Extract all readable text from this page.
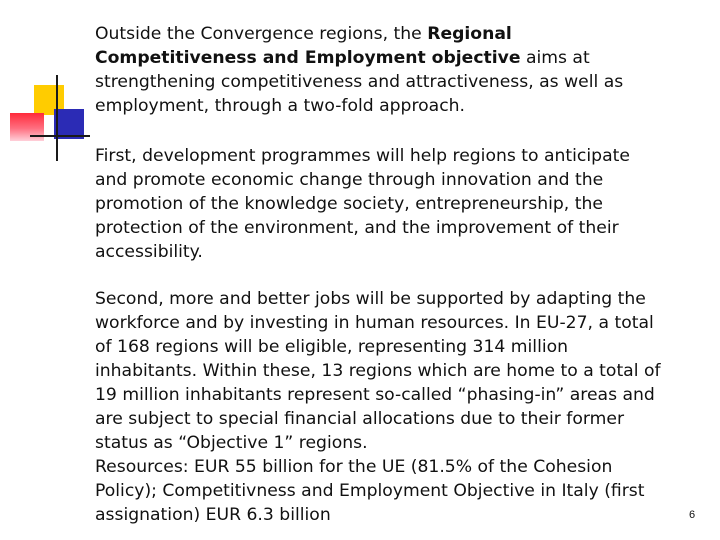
Outside the Convergence regions, the Regional
Competitiveness and Employment objective aims at
strengthening competitiveness and attractiveness, as well as
employment, through a two-fold approach.

First, development programmes will help regions to anticipate
and promote economic change through innovation and the
promotion of the knowledge society, entrepreneurship, the
protection of the environment, and the improvement of their
accessibility.

Second, more and better jobs will be supported by adapting the
workforce and by investing in human resources. In EU-27, a total
of 168 regions will be eligible, representing 314 million
inhabitants. Within these, 13 regions which are home to a total of
19 million inhabitants represent so-called “phasing-in” areas and
are subject to special financial allocations due to their former
status as “Objective 1” regions.
Resources: EUR 55 billion for the UE (81.5% of the Cohesion
Policy); Competitivness and Employment Objective in Italy (first
assignation) EUR 6.3 billion	6
